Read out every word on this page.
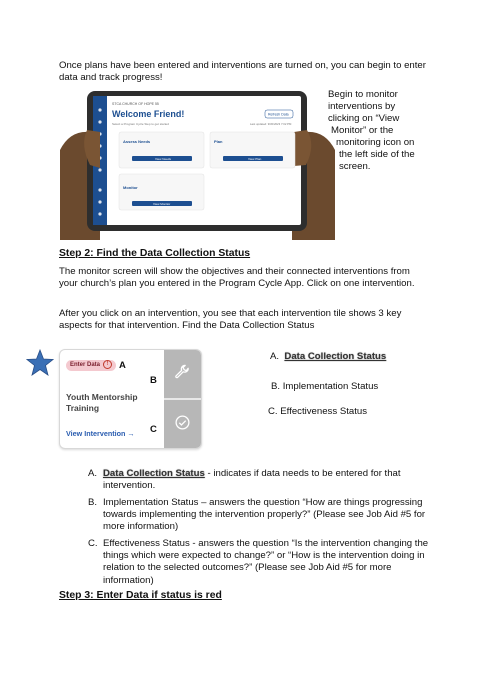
Once plans have been entered and interventions are turned on, you can begin to enter data and track progress!
STCA CHURCH OF HOPE 55
Welcome Friend!
Select a Program Cycle Step to get started
Refresh Data
Last updated: 9/30/2023 7:02 PM
Assess Needs
View Needs
Plan
View Plan
Monitor
View Monitor
Begin to monitor
interventions by
clicking on “View
Monitor” or the
monitoring icon on
the left side of the
screen.
Step 2: Find the Data Collection Status
The monitor screen will show the objectives and their connected interventions from your church’s plan you entered in the Program Cycle App. Click on one intervention.
After you click on an intervention, you see that each intervention tile shows 3 key aspects for that intervention. Find the Data Collection Status
Enter Data !
Youth Mentorship Training
View Intervention →
A
B
C
A. Data Collection Status
B. Implementation Status
C. Effectiveness Status
A. Data Collection Status - indicates if data needs to be entered for that intervention.
B. Implementation Status – answers the question “How are things progressing towards implementing the intervention properly?” (Please see Job Aid #5 for more information)
C. Effectiveness Status - answers the question “Is the intervention changing the things which were expected to change?” or “How is the intervention doing in relation to the selected outcomes?” (Please see Job Aid #5 for more information)
Step 3: Enter Data if status is red
